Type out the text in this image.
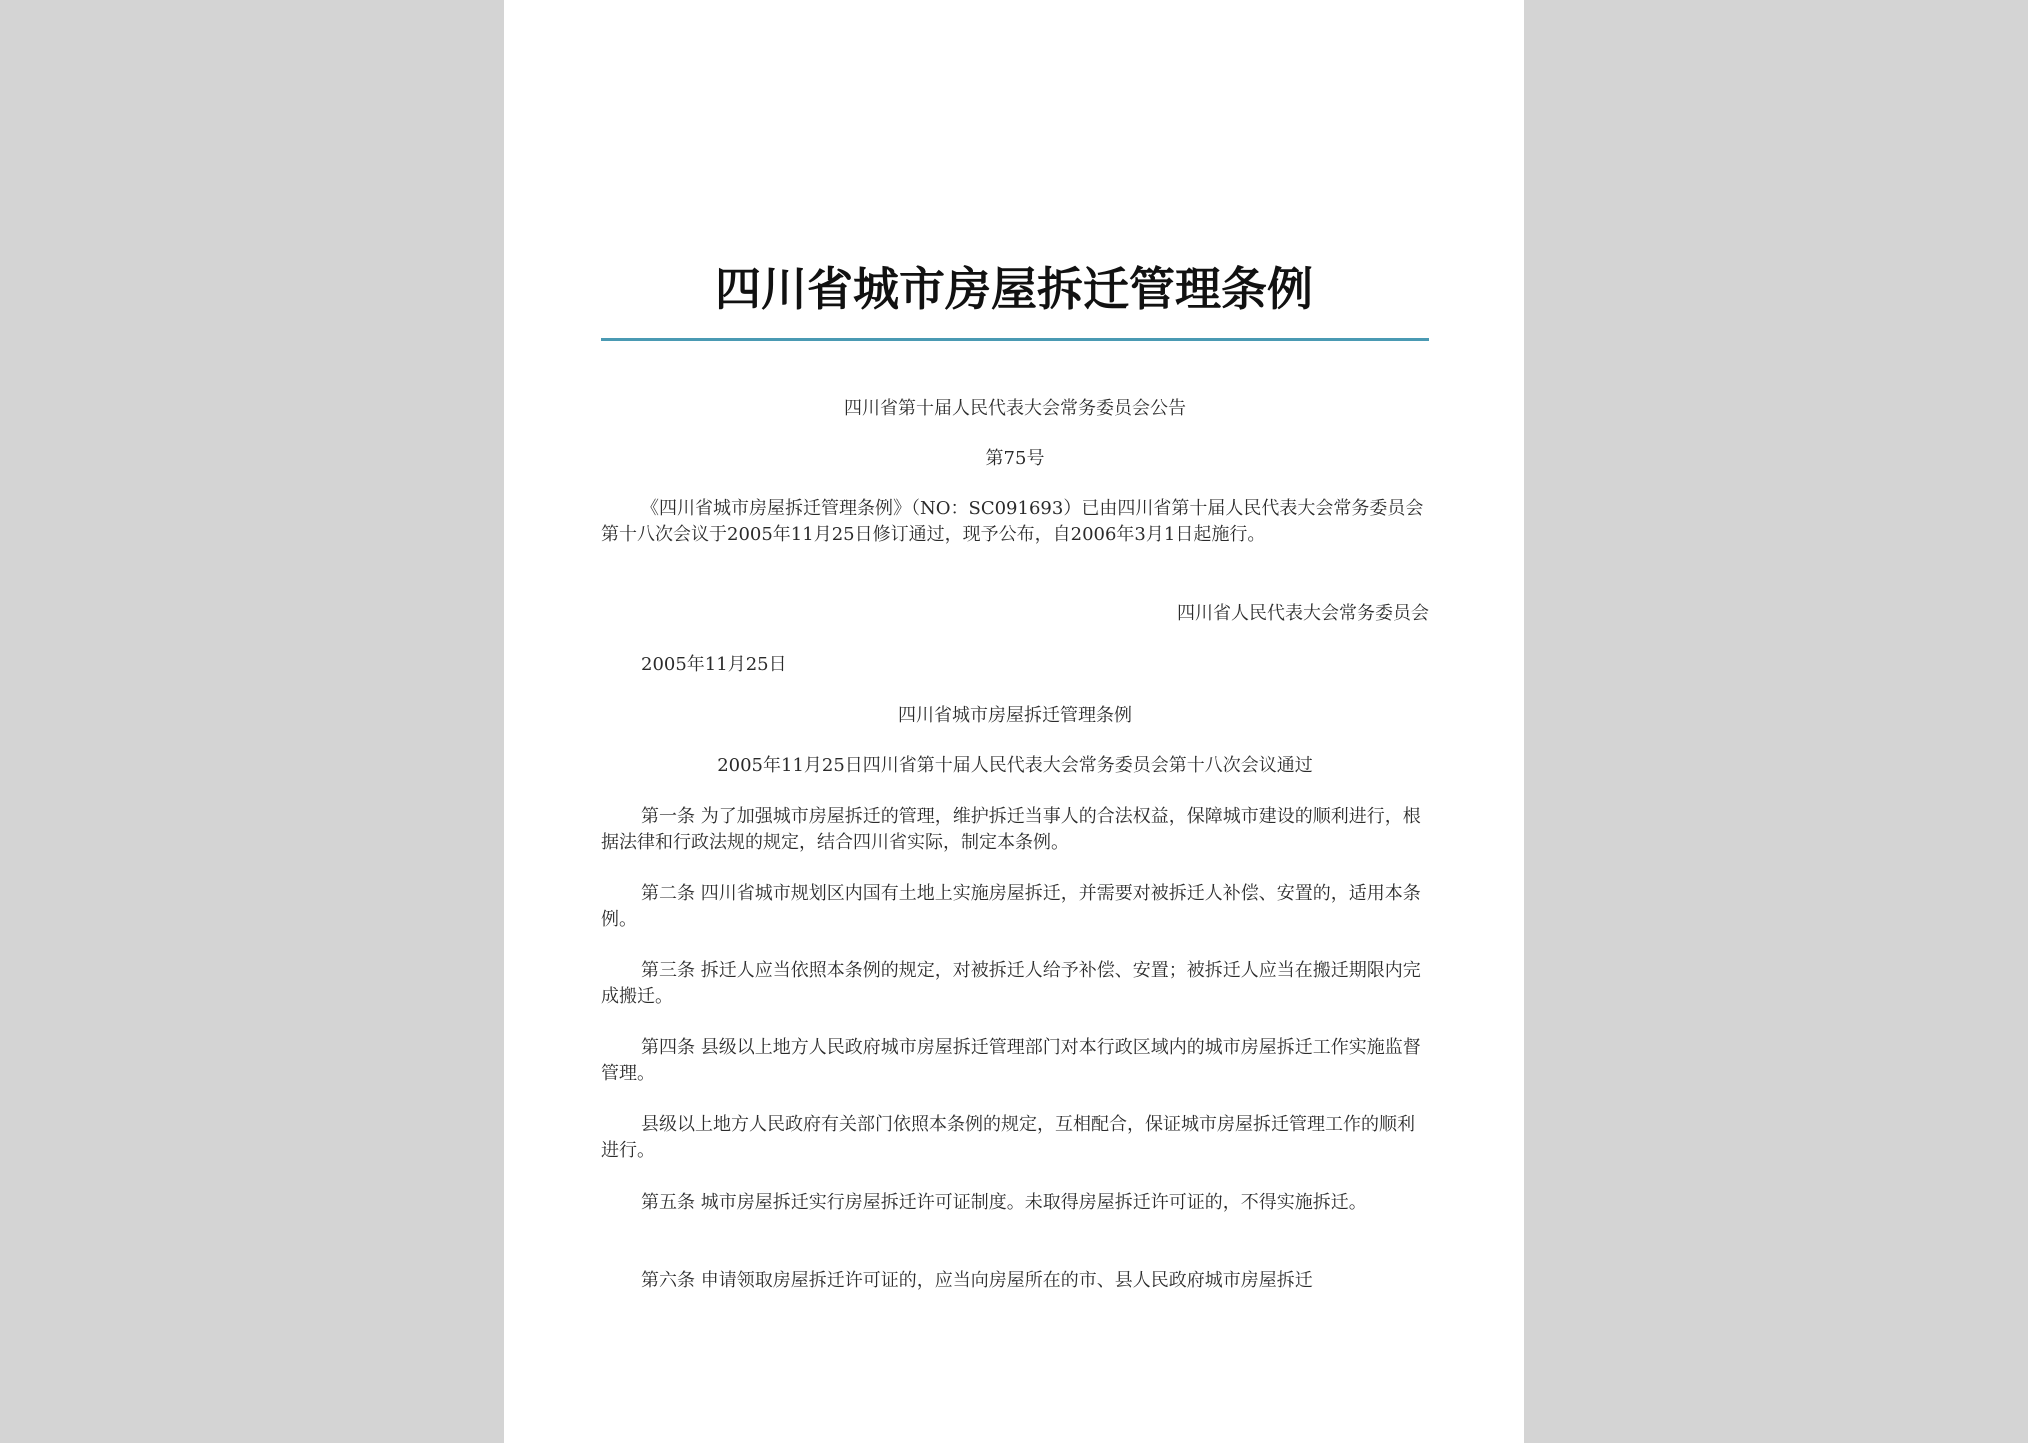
四川省城市房屋拆迁管理条例
四川省第十届人民代表大会常务委员会公告
第75号
《四川省城市房屋拆迁管理条例》（NO：SC091693）已由四川省第十届人民代表大会常务委员会第十八次会议于2005年11月25日修订通过，现予公布，自2006年3月1日起施行。
四川省人民代表大会常务委员会
2005年11月25日
四川省城市房屋拆迁管理条例
2005年11月25日四川省第十届人民代表大会常务委员会第十八次会议通过
第一条 为了加强城市房屋拆迁的管理，维护拆迁当事人的合法权益，保障城市建设的顺利进行，根据法律和行政法规的规定，结合四川省实际，制定本条例。
第二条 四川省城市规划区内国有土地上实施房屋拆迁，并需要对被拆迁人补偿、安置的，适用本条例。
第三条 拆迁人应当依照本条例的规定，对被拆迁人给予补偿、安置；被拆迁人应当在搬迁期限内完成搬迁。
第四条 县级以上地方人民政府城市房屋拆迁管理部门对本行政区域内的城市房屋拆迁工作实施监督管理。
县级以上地方人民政府有关部门依照本条例的规定，互相配合，保证城市房屋拆迁管理工作的顺利进行。
第五条 城市房屋拆迁实行房屋拆迁许可证制度。未取得房屋拆迁许可证的，不得实施拆迁。
第六条 申请领取房屋拆迁许可证的，应当向房屋所在的市、县人民政府城市房屋拆迁
